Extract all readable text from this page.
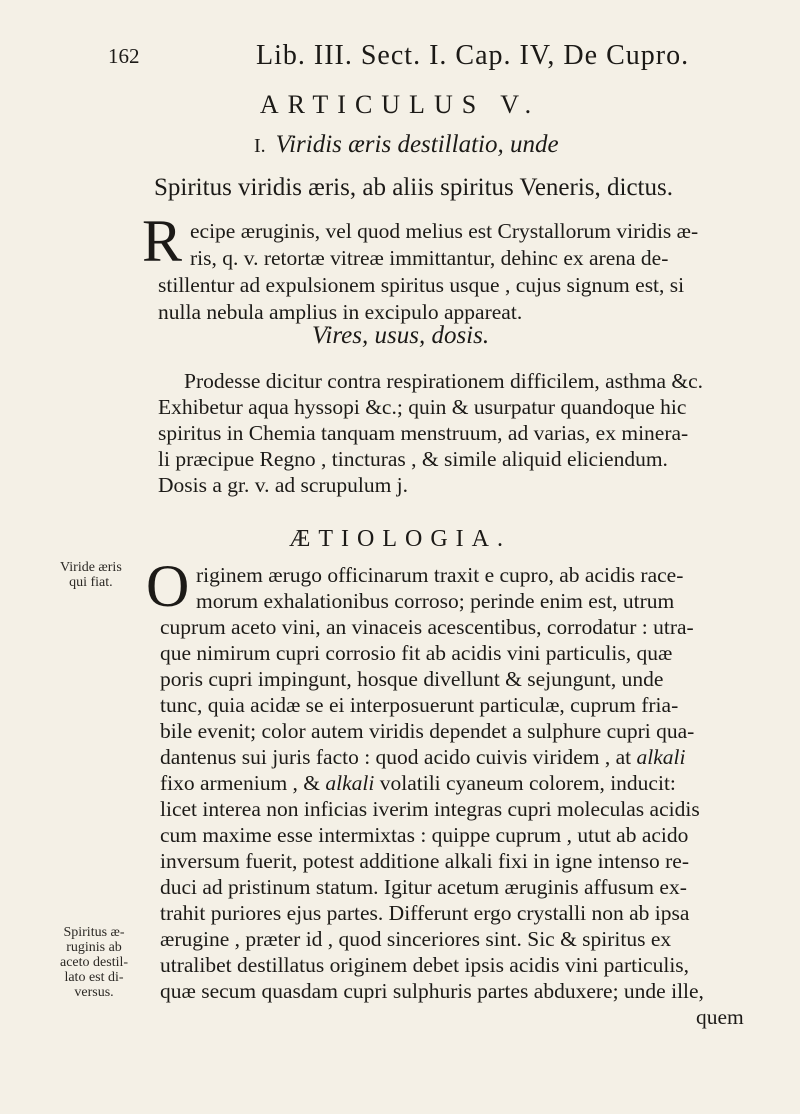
162	Lib. III. Sect. I. Cap. IV, De Cupro.
ARTICULUS V.
I. Viridis æris destillatio, unde
Spiritus viridis æris, ab aliis spiritus Veneris, dictus.
R ecipe æruginis, vel quod melius est Crystallorum viridis æ-
ris, q. v. retortæ vitreæ immittantur, dehinc ex arena de-
stillentur ad expulsionem spiritus usque , cujus signum est, si
nulla nebula amplius in excipulo appareat.
Vires, usus, dosis.
Prodesse dicitur contra respirationem difficilem, asthma &c.
Exhibetur aqua hyssopi &c.; quin & usurpatur quandoque hic
spiritus in Chemia tanquam menstruum, ad varias, ex minera-
li præcipue Regno , tincturas , & simile aliquid eliciendum.
Dosis a gr. v. ad scrupulum j.
ÆTIOLOGIA.
O riginem ærugo officinarum traxit e cupro, ab acidis race-
morum exhalationibus corroso; perinde enim est, utrum
cuprum aceto vini, an vinaceis acescentibus, corrodatur : utra-
que nimirum cupri corrosio fit ab acidis vini particulis, quæ
poris cupri impingunt, hosque divellunt & sejungunt, unde
tunc, quia acidæ se ei interposuerunt particulæ, cuprum fria-
bile evenit; color autem viridis dependet a sulphure cupri qua-
dantenus sui juris facto : quod acido cuivis viridem , at alkali
fixo armenium , & alkali volatili cyaneum colorem, inducit:
licet interea non inficias iverim integras cupri moleculas acidis
cum maxime esse intermixtas : quippe cuprum , utut ab acido
inversum fuerit, potest additione alkali fixi in igne intenso re-
duci ad pristinum statum. Igitur acetum æruginis affusum ex-
trahit puriores ejus partes. Differunt ergo crystalli non ab ipsa
ærugine , præter id , quod sinceriores sint. Sic & spiritus ex
utralibet destillatus originem debet ipsis acidis vini particulis,
quæ secum quasdam cupri sulphuris partes abduxere; unde ille,
quem
Viride æris
qui fiat.
Spiritus æ-
ruginis ab
aceto destil-
lato est di-
versus.
